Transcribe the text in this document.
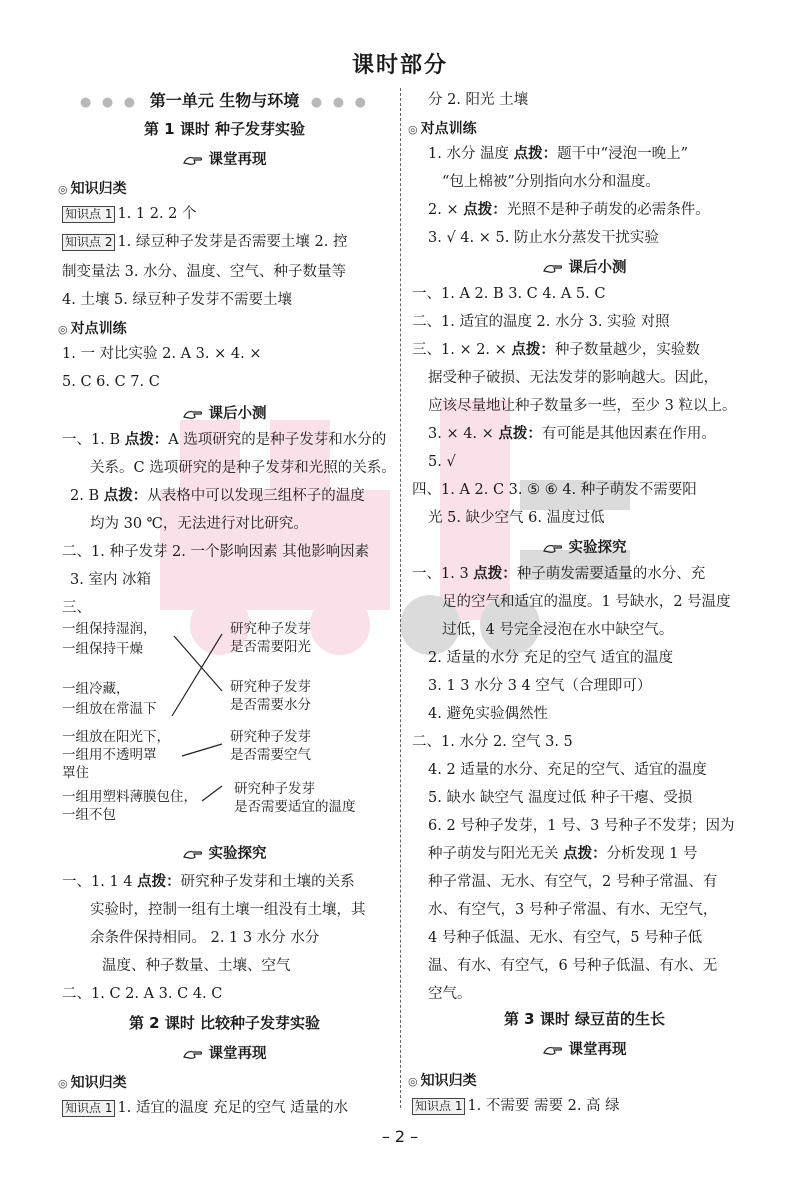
课时部分
● ● ● 第一单元 生物与环境 ● ● ●
第 1 课时 种子发芽实验
课堂再现
◎ 知识归类
知识点 1 1. 1 2. 2 个
知识点 2 1. 绿豆种子发芽是否需要土壤 2. 控
制变量法 3. 水分、温度、空气、种子数量等
4. 土壤 5. 绿豆种子发芽不需要土壤
◎ 对点训练
1. 一 对比实验 2. A 3. × 4. ×
5. C 6. C 7. C
课后小测
一、1. B 点拨：A 选项研究的是种子发芽和水分的
关系。C 选项研究的是种子发芽和光照的关系。
2. B 点拨：从表格中可以发现三组杯子的温度
均为 30 ℃，无法进行对比研究。
二、1. 种子发芽 2. 一个影响因素 其他影响因素
3. 室内 冰箱
三、
一组保持湿润，
一组保持干燥
一组冷藏，
一组放在常温下
一组放在阳光下，
一组用不透明罩
罩住
一组用塑料薄膜包住，
一组不包
研究种子发芽
是否需要阳光
研究种子发芽
是否需要水分
研究种子发芽
是否需要空气
研究种子发芽
是否需要适宜的温度
实验探究
一、1. 1 4 点拨：研究种子发芽和土壤的关系
实验时，控制一组有土壤一组没有土壤，其
余条件保持相同。 2. 1 3 水分 水分
温度、种子数量、土壤、空气
二、1. C 2. A 3. C 4. C
第 2 课时 比较种子发芽实验
课堂再现
◎ 知识归类
知识点 1 1. 适宜的温度 充足的空气 适量的水
分 2. 阳光 土壤
◎ 对点训练
1. 水分 温度 点拨：题干中“浸泡一晚上”
“包上棉被”分别指向水分和温度。
2. × 点拨：光照不是种子萌发的必需条件。
3. √ 4. × 5. 防止水分蒸发干扰实验
课后小测
一、1. A 2. B 3. C 4. A 5. C
二、1. 适宜的温度 2. 水分 3. 实验 对照
三、1. × 2. × 点拨：种子数量越少，实验数
据受种子破损、无法发芽的影响越大。因此，
应该尽量地让种子数量多一些，至少 3 粒以上。
3. × 4. × 点拨：有可能是其他因素在作用。
5. √
四、1. A 2. C 3. ⑤ ⑥ 4. 种子萌发不需要阳
光 5. 缺少空气 6. 温度过低
实验探究
一、1. 3 点拨：种子萌发需要适量的水分、充
足的空气和适宜的温度。1 号缺水，2 号温度
过低，4 号完全浸泡在水中缺空气。
2. 适量的水分 充足的空气 适宜的温度
3. 1 3 水分 3 4 空气（合理即可）
4. 避免实验偶然性
二、1. 水分 2. 空气 3. 5
4. 2 适量的水分、充足的空气、适宜的温度
5. 缺水 缺空气 温度过低 种子干瘪、受损
6. 2 号种子发芽，1 号、3 号种子不发芽；因为
种子萌发与阳光无关 点拨：分析发现 1 号
种子常温、无水、有空气，2 号种子常温、有
水、有空气，3 号种子常温、有水、无空气，
4 号种子低温、无水、有空气，5 号种子低
温、有水、有空气，6 号种子低温、有水、无
空气。
第 3 课时 绿豆苗的生长
课堂再现
◎ 知识归类
知识点 1 1. 不需要 需要 2. 高 绿
– 2 –
